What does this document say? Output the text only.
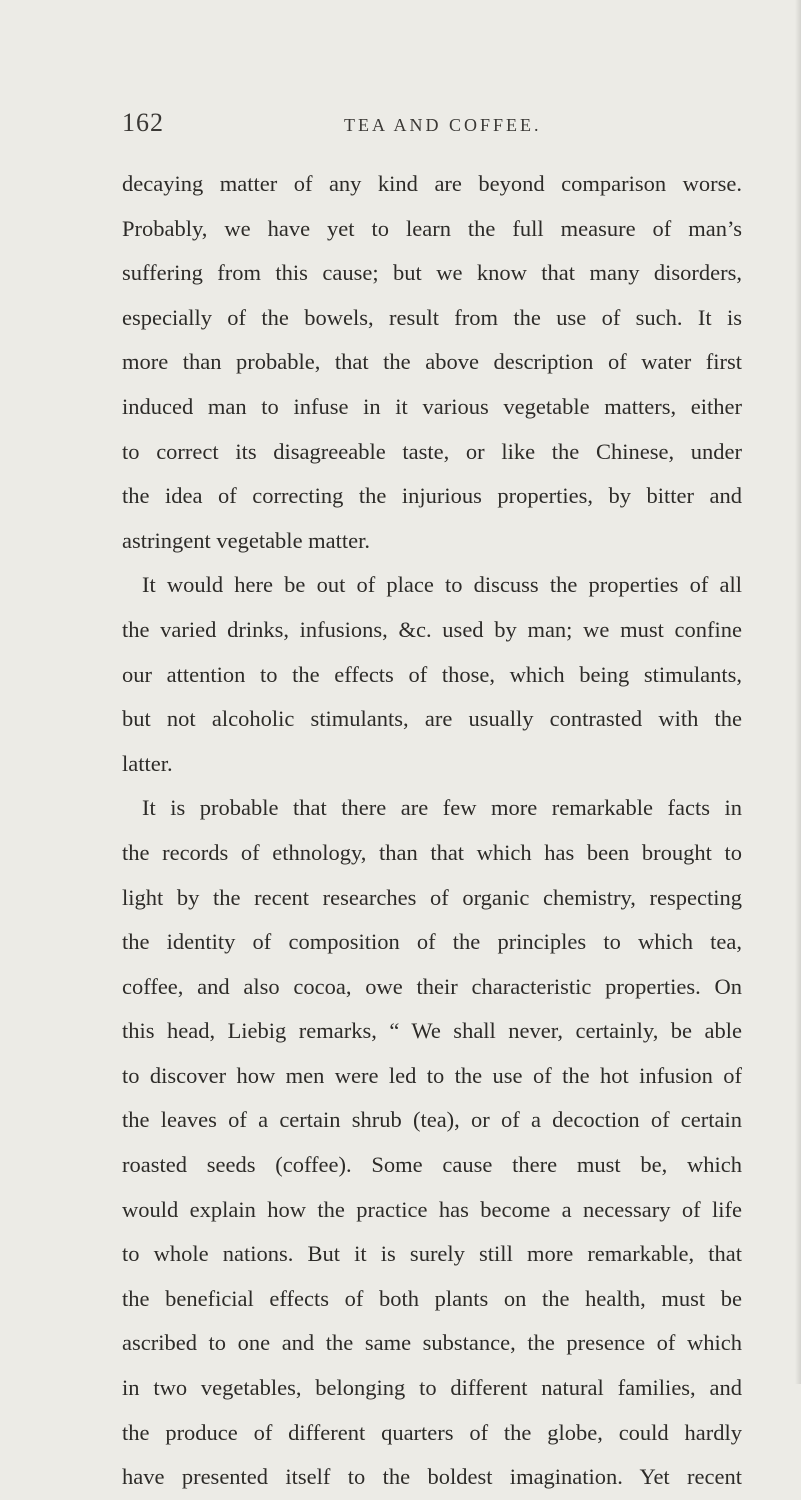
162	TEA AND COFFEE.
decaying matter of any kind are beyond comparison worse.
Probably, we have yet to learn the full measure of man’s
suffering from this cause; but we know that many disorders,
especially of the bowels, result from the use of such. It is
more than probable, that the above description of water first
induced man to infuse in it various vegetable matters, either
to correct its disagreeable taste, or like the Chinese, under
the idea of correcting the injurious properties, by bitter and
astringent vegetable matter.
It would here be out of place to discuss the properties of all
the varied drinks, infusions, &c. used by man; we must confine
our attention to the effects of those, which being stimulants,
but not alcoholic stimulants, are usually contrasted with the
latter.
It is probable that there are few more remarkable facts in
the records of ethnology, than that which has been brought to
light by the recent researches of organic chemistry, respecting
the identity of composition of the principles to which tea,
coffee, and also cocoa, owe their characteristic properties. On
this head, Liebig remarks, “ We shall never, certainly, be able
to discover how men were led to the use of the hot infusion of
the leaves of a certain shrub (tea), or of a decoction of certain
roasted seeds (coffee). Some cause there must be, which
would explain how the practice has become a necessary of life
to whole nations. But it is surely still more remarkable, that
the beneficial effects of both plants on the health, must be
ascribed to one and the same substance, the presence of which
in two vegetables, belonging to different natural families, and
the produce of different quarters of the globe, could hardly
have presented itself to the boldest imagination. Yet recent
